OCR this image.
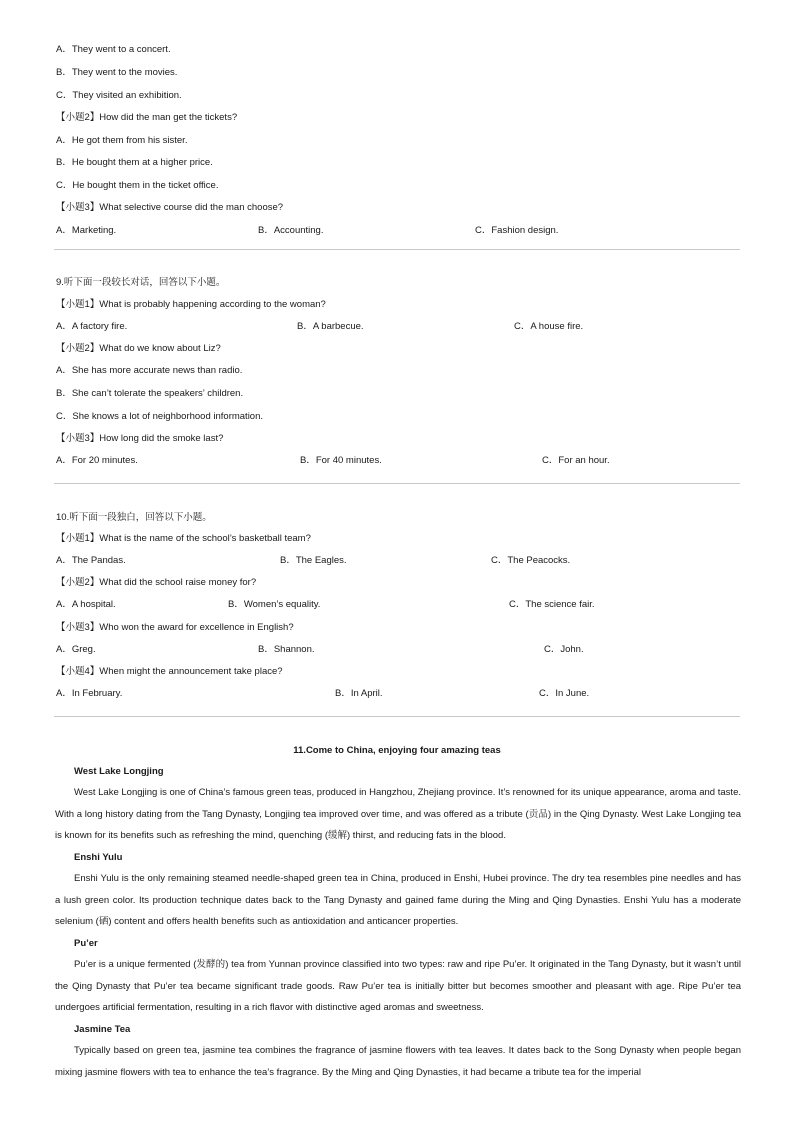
A．They went to a concert.
B．They went to the movies.
C．They visited an exhibition.
【小题2】How did the man get the tickets?
A．He got them from his sister.
B．He bought them at a higher price.
C．He bought them in the ticket office.
【小题3】What selective course did the man choose?
A．Marketing.	B．Accounting.	C．Fashion design.
9.听下面一段较长对话，回答以下小题。
【小题1】What is probably happening according to the woman?
A．A factory fire.	B．A barbecue.	C．A house fire.
【小题2】What do we know about Liz?
A．She has more accurate news than radio.
B．She can’t tolerate the speakers’ children.
C．She knows a lot of neighborhood information.
【小题3】How long did the smoke last?
A．For 20 minutes.	B．For 40 minutes.	C．For an hour.
10.听下面一段独白，回答以下小题。
【小题1】What is the name of the school’s basketball team?
A．The Pandas.	B．The Eagles.	C．The Peacocks.
【小题2】What did the school raise money for?
A．A hospital.	B．Women’s equality.	C．The science fair.
【小题3】Who won the award for excellence in English?
A．Greg.	B．Shannon.	C．John.
【小题4】When might the announcement take place?
A．In February.	B．In April.	C．In June.
11.Come to China, enjoying four amazing teas
West Lake Longjing
West Lake Longjing is one of China’s famous green teas, produced in Hangzhou, Zhejiang province. It’s renowned for its unique appearance, aroma and taste. With a long history dating from the Tang Dynasty, Longjing tea improved over time, and was offered as a tribute (贡品) in the Qing Dynasty. West Lake Longjing tea is known for its benefits such as refreshing the mind, quenching (缓解) thirst, and reducing fats in the blood.
Enshi Yulu
Enshi Yulu is the only remaining steamed needle-shaped green tea in China, produced in Enshi, Hubei province. The dry tea resembles pine needles and has a lush green color. Its production technique dates back to the Tang Dynasty and gained fame during the Ming and Qing Dynasties. Enshi Yulu has a moderate selenium (硒) content and offers health benefits such as antioxidation and anticancer properties.
Pu’er
Pu’er is a unique fermented (发酵的) tea from Yunnan province classified into two types: raw and ripe Pu’er. It originated in the Tang Dynasty, but it wasn’t until the Qing Dynasty that Pu’er tea became significant trade goods. Raw Pu’er tea is initially bitter but becomes smoother and pleasant with age. Ripe Pu’er tea undergoes artificial fermentation, resulting in a rich flavor with distinctive aged aromas and sweetness.
Jasmine Tea
Typically based on green tea, jasmine tea combines the fragrance of jasmine flowers with tea leaves. It dates back to the Song Dynasty when people began mixing jasmine flowers with tea to enhance the tea’s fragrance. By the Ming and Qing Dynasties, it had became a tribute tea for the imperial
